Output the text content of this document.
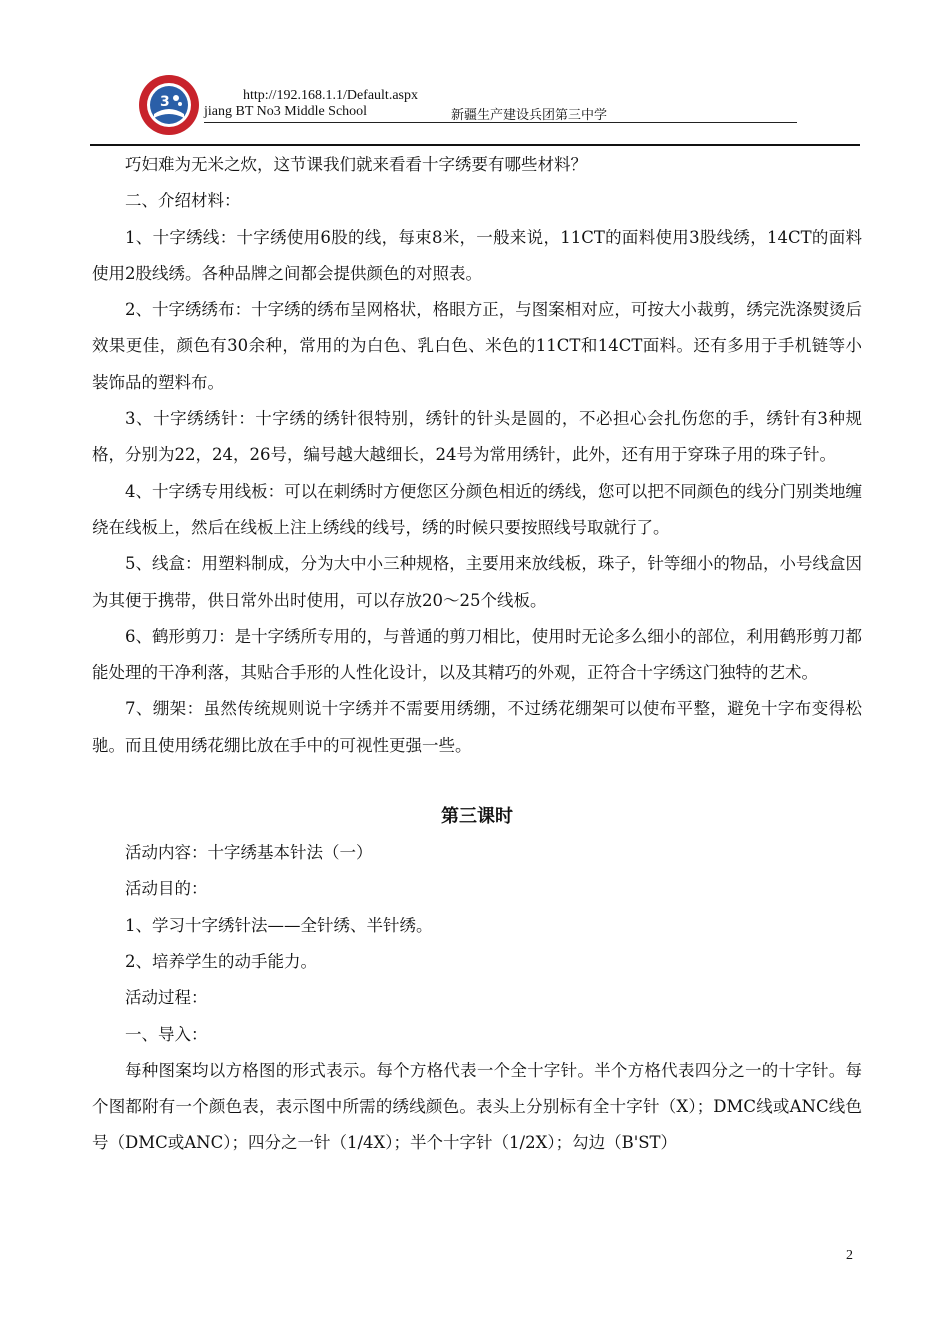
3	http://192.168.1.1/Default.aspx
jiang BT No3 Middle School	新疆生产建设兵团第三中学

巧妇难为无米之炊，这节课我们就来看看十字绣要有哪些材料？

二、介绍材料：

1、十字绣线：十字绣使用6股的线，每束8米，一般来说，11CT的面料使用3股线绣，14CT的面料使用2股线绣。各种品牌之间都会提供颜色的对照表。

2、十字绣绣布：十字绣的绣布呈网格状，格眼方正，与图案相对应，可按大小裁剪，绣完洗涤熨烫后效果更佳，颜色有30余种，常用的为白色、乳白色、米色的11CT和14CT面料。还有多用于手机链等小装饰品的塑料布。

3、十字绣绣针：十字绣的绣针很特别，绣针的针头是圆的，不必担心会扎伤您的手，绣针有3种规格，分别为22，24，26号，编号越大越细长，24号为常用绣针，此外，还有用于穿珠子用的珠子针。

4、十字绣专用线板：可以在刺绣时方便您区分颜色相近的绣线，您可以把不同颜色的线分门别类地缠绕在线板上，然后在线板上注上绣线的线号，绣的时候只要按照线号取就行了。

5、线盒：用塑料制成，分为大中小三种规格，主要用来放线板，珠子，针等细小的物品，小号线盒因为其便于携带，供日常外出时使用，可以存放20～25个线板。

6、鹤形剪刀：是十字绣所专用的，与普通的剪刀相比，使用时无论多么细小的部位，利用鹤形剪刀都能处理的干净利落，其贴合手形的人性化设计，以及其精巧的外观，正符合十字绣这门独特的艺术。

7、绷架：虽然传统规则说十字绣并不需要用绣绷，不过绣花绷架可以使布平整，避免十字布变得松驰。而且使用绣花绷比放在手中的可视性更强一些。

第三课时

活动内容：十字绣基本针法（一）

活动目的：

1、学习十字绣针法——全针绣、半针绣。

2、培养学生的动手能力。

活动过程：

一、导入：

每种图案均以方格图的形式表示。每个方格代表一个全十字针。半个方格代表四分之一的十字针。每个图都附有一个颜色表，表示图中所需的绣线颜色。表头上分别标有全十字针（X）；DMC线或ANC线色号（DMC或ANC）；四分之一针（1/4X）；半个十字针（1/2X）；勾边（B'ST）

2
